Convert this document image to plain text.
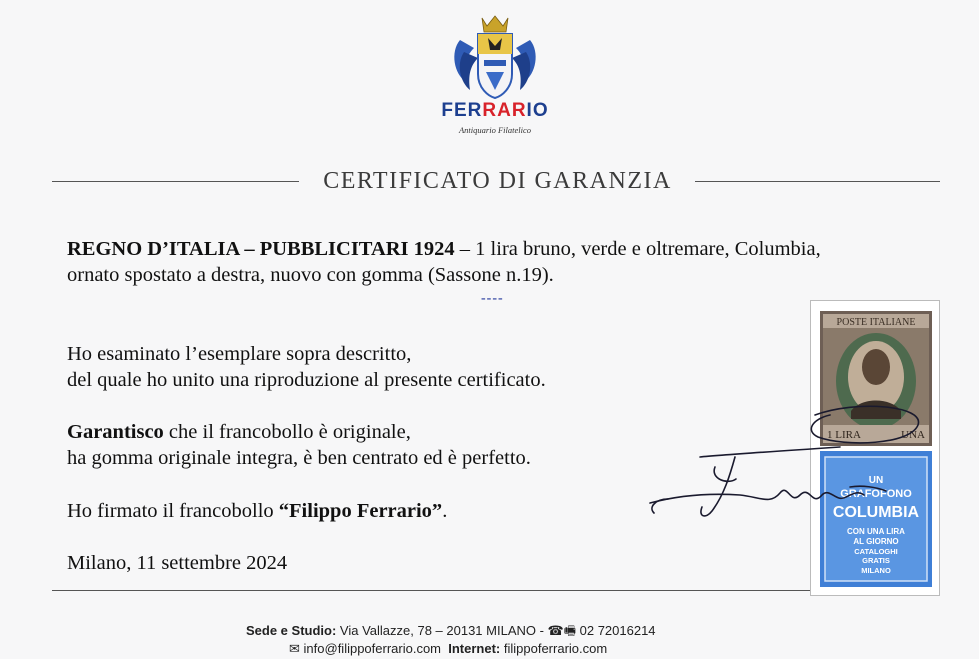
FERRARIO
Antiquario Filatelico
CERTIFICATO DI GARANZIA
REGNO D’ITALIA – PUBBLICITARI 1924 – 1 lira bruno, verde e oltremare, Columbia,
ornato spostato a destra, nuovo con gomma (Sassone n.19).
----
Ho esaminato l’esemplare sopra descritto,
del quale ho unito una riproduzione al presente certificato.
Garantisco che il francobollo è originale,
ha gomma originale integra, è ben centrato ed è perfetto.
Ho firmato il francobollo “Filippo Ferrario”.
Milano, 11 settembre 2024
POSTE ITALIANE
1 LIRA	UNA
UN
GRAFOFONO
COLUMBIA
CON UNA LIRA
AL GIORNO
CATALOGHI
GRATIS
MILANO
Sede e Studio: Via Vallazze, 78 – 20131 MILANO - ☎🖷 02 72016214
✉ info@filippoferrario.com Internet: filippoferrario.com
